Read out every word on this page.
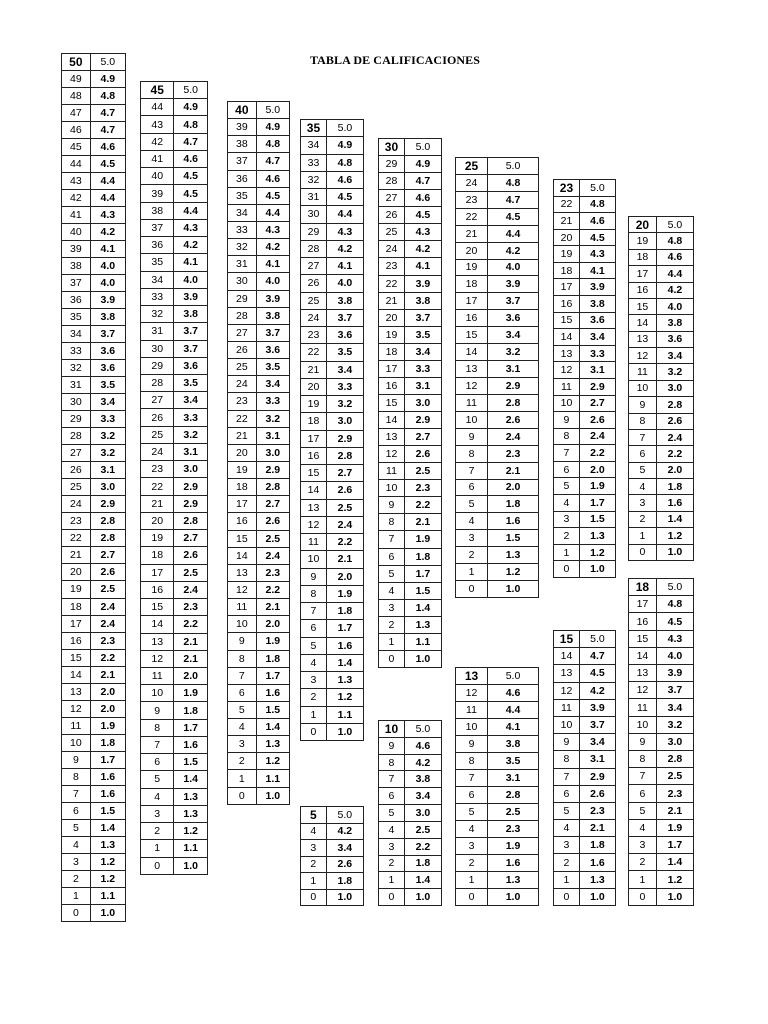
TABLA DE CALIFICACIONES
50	5.0
49	4.9
48	4.8
47	4.7
46	4.7
45	4.6
44	4.5
43	4.4
42	4.4
41	4.3
40	4.2
39	4.1
38	4.0
37	4.0
36	3.9
35	3.8
34	3.7
33	3.6
32	3.6
31	3.5
30	3.4
29	3.3
28	3.2
27	3.2
26	3.1
25	3.0
24	2.9
23	2.8
22	2.8
21	2.7
20	2.6
19	2.5
18	2.4
17	2.4
16	2.3
15	2.2
14	2.1
13	2.0
12	2.0
11	1.9
10	1.8
9	1.7
8	1.6
7	1.6
6	1.5
5	1.4
4	1.3
3	1.2
2	1.2
1	1.1
0	1.0
45	5.0
44	4.9
43	4.8
42	4.7
41	4.6
40	4.5
39	4.5
38	4.4
37	4.3
36	4.2
35	4.1
34	4.0
33	3.9
32	3.8
31	3.7
30	3.7
29	3.6
28	3.5
27	3.4
26	3.3
25	3.2
24	3.1
23	3.0
22	2.9
21	2.9
20	2.8
19	2.7
18	2.6
17	2.5
16	2.4
15	2.3
14	2.2
13	2.1
12	2.1
11	2.0
10	1.9
9	1.8
8	1.7
7	1.6
6	1.5
5	1.4
4	1.3
3	1.3
2	1.2
1	1.1
0	1.0
40	5.0
39	4.9
38	4.8
37	4.7
36	4.6
35	4.5
34	4.4
33	4.3
32	4.2
31	4.1
30	4.0
29	3.9
28	3.8
27	3.7
26	3.6
25	3.5
24	3.4
23	3.3
22	3.2
21	3.1
20	3.0
19	2.9
18	2.8
17	2.7
16	2.6
15	2.5
14	2.4
13	2.3
12	2.2
11	2.1
10	2.0
9	1.9
8	1.8
7	1.7
6	1.6
5	1.5
4	1.4
3	1.3
2	1.2
1	1.1
0	1.0
35	5.0
34	4.9
33	4.8
32	4.6
31	4.5
30	4.4
29	4.3
28	4.2
27	4.1
26	4.0
25	3.8
24	3.7
23	3.6
22	3.5
21	3.4
20	3.3
19	3.2
18	3.0
17	2.9
16	2.8
15	2.7
14	2.6
13	2.5
12	2.4
11	2.2
10	2.1
9	2.0
8	1.9
7	1.8
6	1.7
5	1.6
4	1.4
3	1.3
2	1.2
1	1.1
0	1.0
30	5.0
29	4.9
28	4.7
27	4.6
26	4.5
25	4.3
24	4.2
23	4.1
22	3.9
21	3.8
20	3.7
19	3.5
18	3.4
17	3.3
16	3.1
15	3.0
14	2.9
13	2.7
12	2.6
11	2.5
10	2.3
9	2.2
8	2.1
7	1.9
6	1.8
5	1.7
4	1.5
3	1.4
2	1.3
1	1.1
0	1.0
25	5.0
24	4.8
23	4.7
22	4.5
21	4.4
20	4.2
19	4.0
18	3.9
17	3.7
16	3.6
15	3.4
14	3.2
13	3.1
12	2.9
11	2.8
10	2.6
9	2.4
8	2.3
7	2.1
6	2.0
5	1.8
4	1.6
3	1.5
2	1.3
1	1.2
0	1.0
23	5.0
22	4.8
21	4.6
20	4.5
19	4.3
18	4.1
17	3.9
16	3.8
15	3.6
14	3.4
13	3.3
12	3.1
11	2.9
10	2.7
9	2.6
8	2.4
7	2.2
6	2.0
5	1.9
4	1.7
3	1.5
2	1.3
1	1.2
0	1.0
20	5.0
19	4.8
18	4.6
17	4.4
16	4.2
15	4.0
14	3.8
13	3.6
12	3.4
11	3.2
10	3.0
9	2.8
8	2.6
7	2.4
6	2.2
5	2.0
4	1.8
3	1.6
2	1.4
1	1.2
0	1.0
18	5.0
17	4.8
16	4.5
15	4.3
14	4.0
13	3.9
12	3.7
11	3.4
10	3.2
9	3.0
8	2.8
7	2.5
6	2.3
5	2.1
4	1.9
3	1.7
2	1.4
1	1.2
0	1.0
15	5.0
14	4.7
13	4.5
12	4.2
11	3.9
10	3.7
9	3.4
8	3.1
7	2.9
6	2.6
5	2.3
4	2.1
3	1.8
2	1.6
1	1.3
0	1.0
13	5.0
12	4.6
11	4.4
10	4.1
9	3.8
8	3.5
7	3.1
6	2.8
5	2.5
4	2.3
3	1.9
2	1.6
1	1.3
0	1.0
10	5.0
9	4.6
8	4.2
7	3.8
6	3.4
5	3.0
4	2.5
3	2.2
2	1.8
1	1.4
0	1.0
5	5.0
4	4.2
3	3.4
2	2.6
1	1.8
0	1.0
